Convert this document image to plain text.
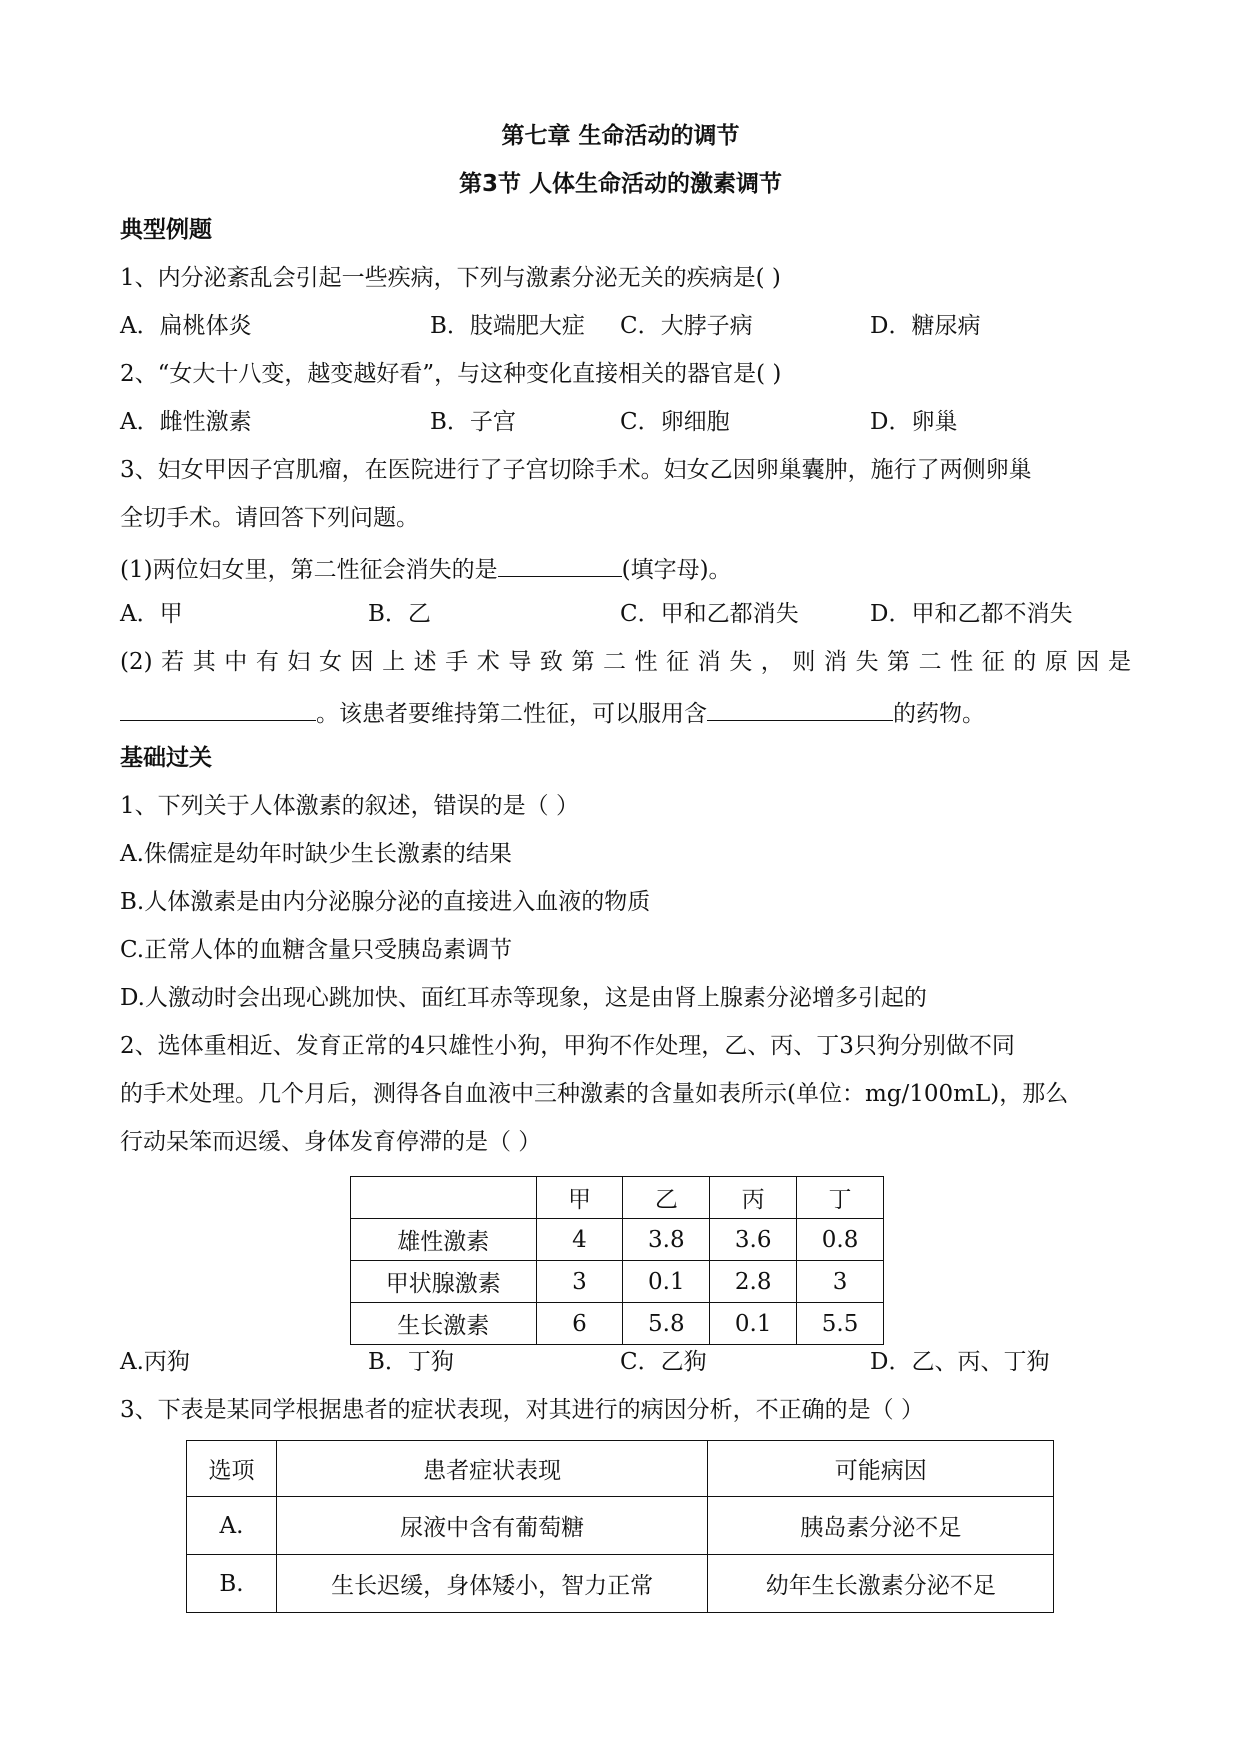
第七章 生命活动的调节
第3节 人体生命活动的激素调节
典型例题
1、内分泌紊乱会引起一些疾病，下列与激素分泌无关的疾病是( )
A．扁桃体炎	B．肢端肥大症 C．大脖子病	D．糖尿病
2、“女大十八变，越变越好看”，与这种变化直接相关的器官是( )
A．雌性激素	B．子宫	C．卵细胞	D．卵巢
3、妇女甲因子宫肌瘤，在医院进行了子宫切除手术。妇女乙因卵巢囊肿，施行了两侧卵巢
全切手术。请回答下列问题。
(1)两位妇女里，第二性征会消失的是	(填字母)。
A．甲	B．乙	C．甲和乙都消失	D．甲和乙都不消失
(2)若其中有妇女因上述手术导致第二性征消失，则消失第二性征的原因是
。该患者要维持第二性征，可以服用含	的药物。
基础过关
1、下列关于人体激素的叙述，错误的是（ ）
A.侏儒症是幼年时缺少生长激素的结果
B.人体激素是由内分泌腺分泌的直接进入血液的物质
C.正常人体的血糖含量只受胰岛素调节
D.人激动时会出现心跳加快、面红耳赤等现象，这是由肾上腺素分泌增多引起的
2、选体重相近、发育正常的4只雄性小狗，甲狗不作处理，乙、丙、丁3只狗分别做不同
的手术处理。几个月后，测得各自血液中三种激素的含量如表所示(单位：mg/100mL)，那么
行动呆笨而迟缓、身体发育停滞的是（ ）
	甲	乙	丙	丁
雄性激素	4	3.8	3.6	0.8
甲状腺激素	3	0.1	2.8	3
生长激素	6	5.8	0.1	5.5
A.丙狗	B．丁狗	C．乙狗	D．乙、丙、丁狗
3、下表是某同学根据患者的症状表现，对其进行的病因分析，不正确的是（ ）
选项	患者症状表现	可能病因
A.	尿液中含有葡萄糖	胰岛素分泌不足
B.	生长迟缓，身体矮小，智力正常	幼年生长激素分泌不足
